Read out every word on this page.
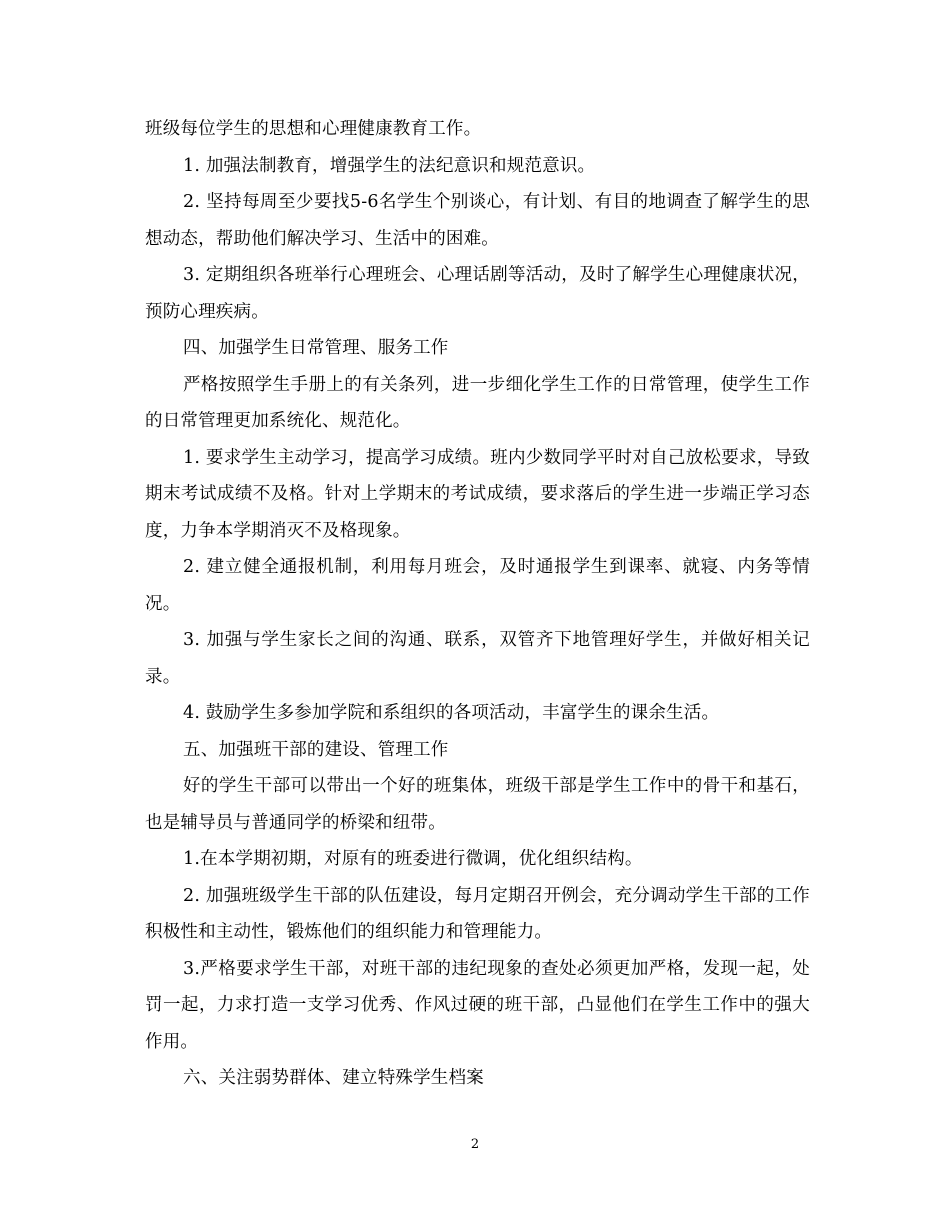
班级每位学生的思想和心理健康教育工作。

1. 加强法制教育，增强学生的法纪意识和规范意识。

2. 坚持每周至少要找5-6名学生个别谈心，有计划、有目的地调查了解学生的思想动态，帮助他们解决学习、生活中的困难。

3. 定期组织各班举行心理班会、心理话剧等活动，及时了解学生心理健康状况，预防心理疾病。

四、加强学生日常管理、服务工作

严格按照学生手册上的有关条列，进一步细化学生工作的日常管理，使学生工作的日常管理更加系统化、规范化。

1. 要求学生主动学习，提高学习成绩。班内少数同学平时对自己放松要求，导致期末考试成绩不及格。针对上学期末的考试成绩，要求落后的学生进一步端正学习态度，力争本学期消灭不及格现象。

2. 建立健全通报机制，利用每月班会，及时通报学生到课率、就寝、内务等情况。

3. 加强与学生家长之间的沟通、联系，双管齐下地管理好学生，并做好相关记录。

4. 鼓励学生多参加学院和系组织的各项活动，丰富学生的课余生活。

五、加强班干部的建设、管理工作

好的学生干部可以带出一个好的班集体，班级干部是学生工作中的骨干和基石，也是辅导员与普通同学的桥梁和纽带。

1.在本学期初期，对原有的班委进行微调，优化组织结构。

2. 加强班级学生干部的队伍建设，每月定期召开例会，充分调动学生干部的工作积极性和主动性，锻炼他们的组织能力和管理能力。

3.严格要求学生干部，对班干部的违纪现象的查处必须更加严格，发现一起，处罚一起，力求打造一支学习优秀、作风过硬的班干部，凸显他们在学生工作中的强大作用。

六、关注弱势群体、建立特殊学生档案

2
